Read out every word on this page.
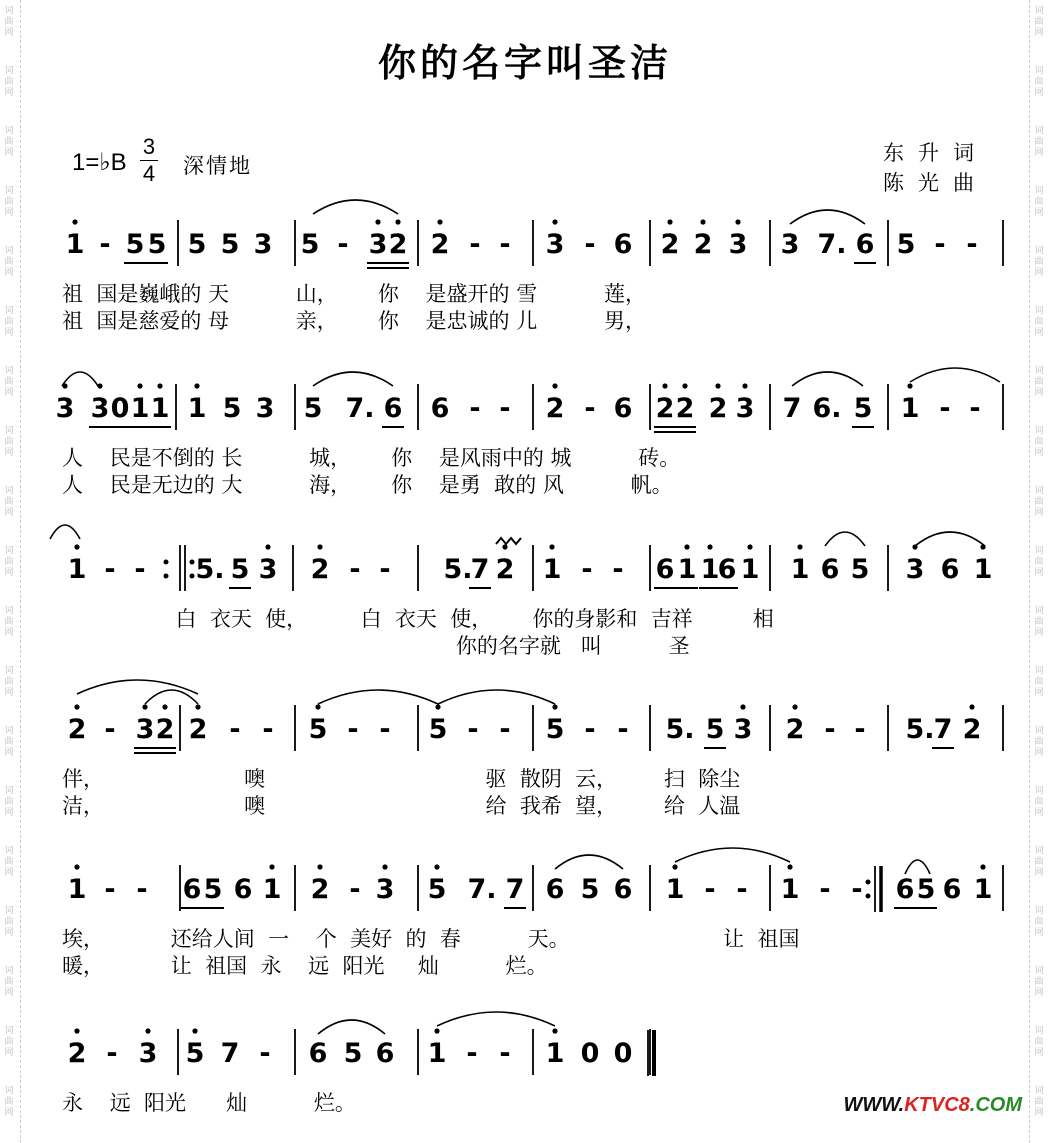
词
曲
网
词
曲
网
词
曲
网
词
曲
网
词
曲
网
词
曲
网
词
曲
网
词
曲
网
词
曲
网
词
曲
网
词
曲
网
词
曲
网
词
曲
网
词
曲
网
词
曲
网
词
曲
网
词
曲
网
词
曲
网
词
曲
网
词
曲
网
词
曲
网
词
曲
网
词
曲
网
词
曲
网
词
曲
网
词
曲
网
词
曲
网
词
曲
网
词
曲
网
词
曲
网
词
曲
网
词
曲
网
词
曲
网
词
曲
网
词
曲
网
词
曲
网
词
曲
网
词
曲
网
你的名字叫圣洁
1=♭B
3
4 深情地
东升词
陈光曲
1 - 5 5 5 5 3 5 - 3 2 2 - - 3 - 6 2 2 3 3 7. 6 5 - -
祖  国是巍峨的 天          山，      你    是盛开的 雪          莲，
祖  国是慈爱的 母          亲，      你    是忠诚的 儿          男，
3 3 0 1 1 1 5 3 5 7. 6 6 - - 2 - 6 2 2 2 3 7 6. 5 1 - -
人    民是不倒的 长          城，      你    是风雨中的 城          砖。
人    民是无边的 大          海，      你    是勇  敢的 风          帆。
1 - - 5. 5 3 2 - - 5.
7 2 1 - - 6 1 1
6 1 1 6 5 3 6 1
白  衣天  使，        白  衣天  使，      你的身影和  吉祥         相
你的名字就   叫          圣
2 - 3 2 2 - - 5 - - 5 - - 5 - - 5. 5 3 2 - - 5. 7 2
伴，                     噢                                 驱  散阴  云，       扫  除尘
洁，                     噢                                 给  我希  望，       给  人温
1 - - 6 5 6 1 2 - 3 5 7. 7 6 5 6 1 - - 1 - - 6 5 6 1
埃，          还给人间  一    个  美好  的  春          天。                       让  祖国
暖，          让  祖国  永    远  阳光     灿          烂。
2 - 3 5 7 - 6 5 6 1 - - 1 0 0
永    远  阳光      灿          烂。	WWW.KTVC8.COM
